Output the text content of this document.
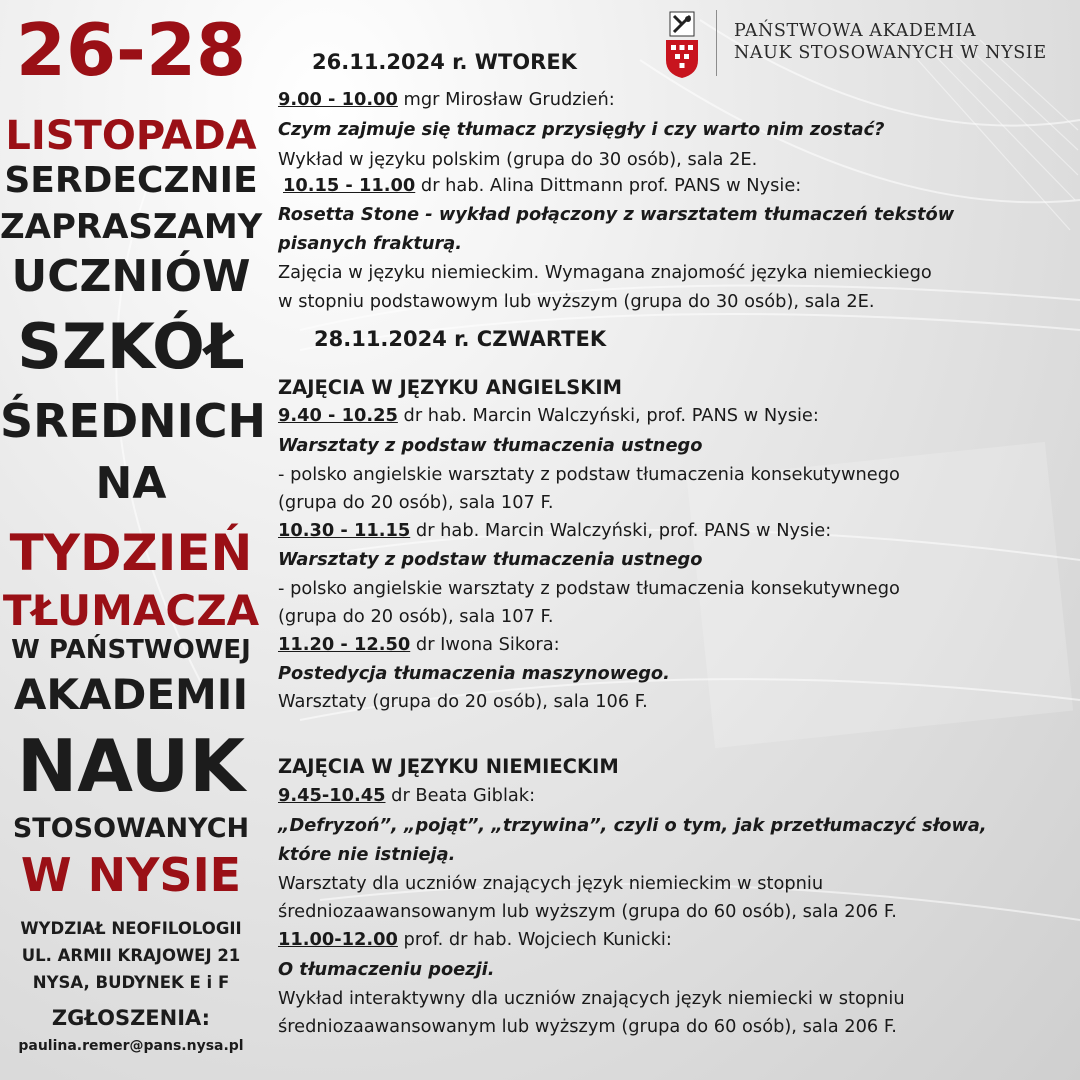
26-28
LISTOPADA
SERDECZNIE
ZAPRASZAMY
UCZNIÓW
SZKÓŁ
ŚREDNICH
NA
TYDZIEŃ
TŁUMACZA
W PAŃSTWOWEJ
AKADEMII
NAUK
STOSOWANYCH
W NYSIE
WYDZIAŁ NEOFILOLOGII
UL. ARMII KRAJOWEJ 21
NYSA, BUDYNEK E i F
ZGŁOSZENIA:
paulina.remer@pans.nysa.pl
PAŃSTWOWA AKADEMIA
NAUK STOSOWANYCH W NYSIE
26.11.2024 r. WTOREK
9.00 - 10.00 mgr Mirosław Grudzień:
Czym zajmuje się tłumacz przysięgły i czy warto nim zostać?
Wykład w języku polskim (grupa do 30 osób), sala 2E.
10.15 - 11.00 dr hab. Alina Dittmann prof. PANS w Nysie:
Rosetta Stone - wykład połączony z warsztatem tłumaczeń tekstów
pisanych frakturą.
Zajęcia w języku niemieckim. Wymagana znajomość języka niemieckiego
w stopniu podstawowym lub wyższym (grupa do 30 osób), sala 2E.
28.11.2024 r. CZWARTEK
ZAJĘCIA W JĘZYKU ANGIELSKIM
9.40 - 10.25 dr hab. Marcin Walczyński, prof. PANS w Nysie:
Warsztaty z podstaw tłumaczenia ustnego
- polsko angielskie warsztaty z podstaw tłumaczenia konsekutywnego
(grupa do 20 osób), sala 107 F.
10.30 - 11.15 dr hab. Marcin Walczyński, prof. PANS w Nysie:
Warsztaty z podstaw tłumaczenia ustnego
- polsko angielskie warsztaty z podstaw tłumaczenia konsekutywnego
(grupa do 20 osób), sala 107 F.
11.20 - 12.50 dr Iwona Sikora:
Postedycja tłumaczenia maszynowego.
Warsztaty (grupa do 20 osób), sala 106 F.
ZAJĘCIA W JĘZYKU NIEMIECKIM
9.45-10.45 dr Beata Giblak:
„Defryzoń”, „pojąt”, „trzywina”, czyli o tym, jak przetłumaczyć słowa,
które nie istnieją.
Warsztaty dla uczniów znających język niemieckim w stopniu
średniozaawansowanym lub wyższym (grupa do 60 osób), sala 206 F.
11.00-12.00 prof. dr hab. Wojciech Kunicki:
O tłumaczeniu poezji.
Wykład interaktywny dla uczniów znających język niemiecki w stopniu
średniozaawansowanym lub wyższym (grupa do 60 osób), sala 206 F.
